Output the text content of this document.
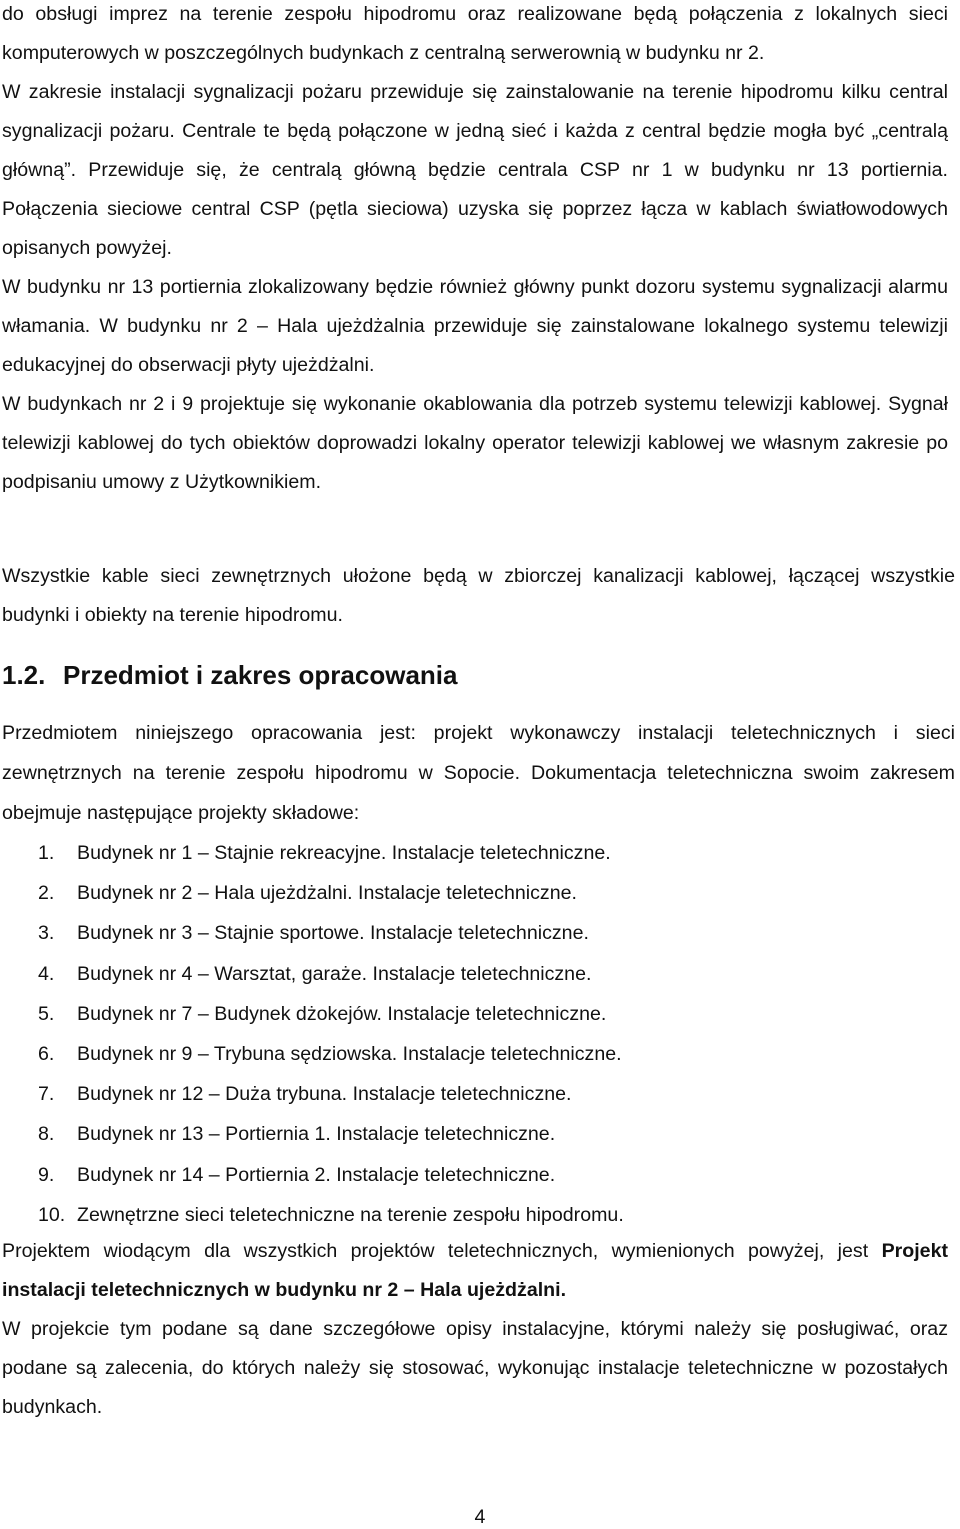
do obsługi imprez na terenie zespołu hipodromu oraz realizowane będą połączenia z lokalnych sieci komputerowych w poszczególnych budynkach z centralną serwerownią w budynku nr 2.

W zakresie instalacji sygnalizacji pożaru przewiduje się zainstalowanie na terenie hipodromu kilku central sygnalizacji pożaru. Centrale te będą połączone w jedną sieć i każda z central będzie mogła być „centralą główną”. Przewiduje się, że centralą główną będzie centrala CSP nr 1 w budynku nr 13 portiernia. Połączenia sieciowe central CSP (pętla sieciowa) uzyska się poprzez łącza w kablach światłowodowych opisanych powyżej.

W budynku nr 13 portiernia zlokalizowany będzie również główny punkt dozoru systemu sygnalizacji alarmu włamania. W budynku nr 2 – Hala ujeżdżalnia przewiduje się zainstalowane lokalnego systemu telewizji edukacyjnej do obserwacji płyty ujeżdżalni.

W budynkach nr 2 i 9 projektuje się wykonanie okablowania dla potrzeb systemu telewizji kablowej. Sygnał telewizji kablowej do tych obiektów doprowadzi lokalny operator telewizji kablowej we własnym zakresie po podpisaniu umowy z Użytkownikiem.

Wszystkie kable sieci zewnętrznych ułożone będą w zbiorczej kanalizacji kablowej, łączącej wszystkie budynki i obiekty na terenie hipodromu.

1.2. Przedmiot i zakres opracowania

Przedmiotem niniejszego opracowania jest: projekt wykonawczy instalacji teletechnicznych i sieci zewnętrznych na terenie zespołu hipodromu w Sopocie. Dokumentacja teletechniczna swoim zakresem obejmuje następujące projekty składowe:

1.	Budynek nr 1 – Stajnie rekreacyjne. Instalacje teletechniczne.
2.	Budynek nr 2 – Hala ujeżdżalni. Instalacje teletechniczne.
3.	Budynek nr 3 – Stajnie sportowe. Instalacje teletechniczne.
4.	Budynek nr 4 – Warsztat, garaże. Instalacje teletechniczne.
5.	Budynek nr 7 – Budynek dżokejów. Instalacje teletechniczne.
6.	Budynek nr 9 – Trybuna sędziowska. Instalacje teletechniczne.
7.	Budynek nr 12 – Duża trybuna. Instalacje teletechniczne.
8.	Budynek nr 13 – Portiernia 1. Instalacje teletechniczne.
9.	Budynek nr 14 – Portiernia 2. Instalacje teletechniczne.
10. Zewnętrzne sieci teletechniczne na terenie zespołu hipodromu.

Projektem wiodącym dla wszystkich projektów teletechnicznych, wymienionych powyżej, jest Projekt instalacji teletechnicznych w budynku nr 2 – Hala ujeżdżalni.

W projekcie tym podane są dane szczegółowe opisy instalacyjne, którymi należy się posługiwać, oraz podane są zalecenia, do których należy się stosować, wykonując instalacje teletechniczne w pozostałych budynkach.

4
